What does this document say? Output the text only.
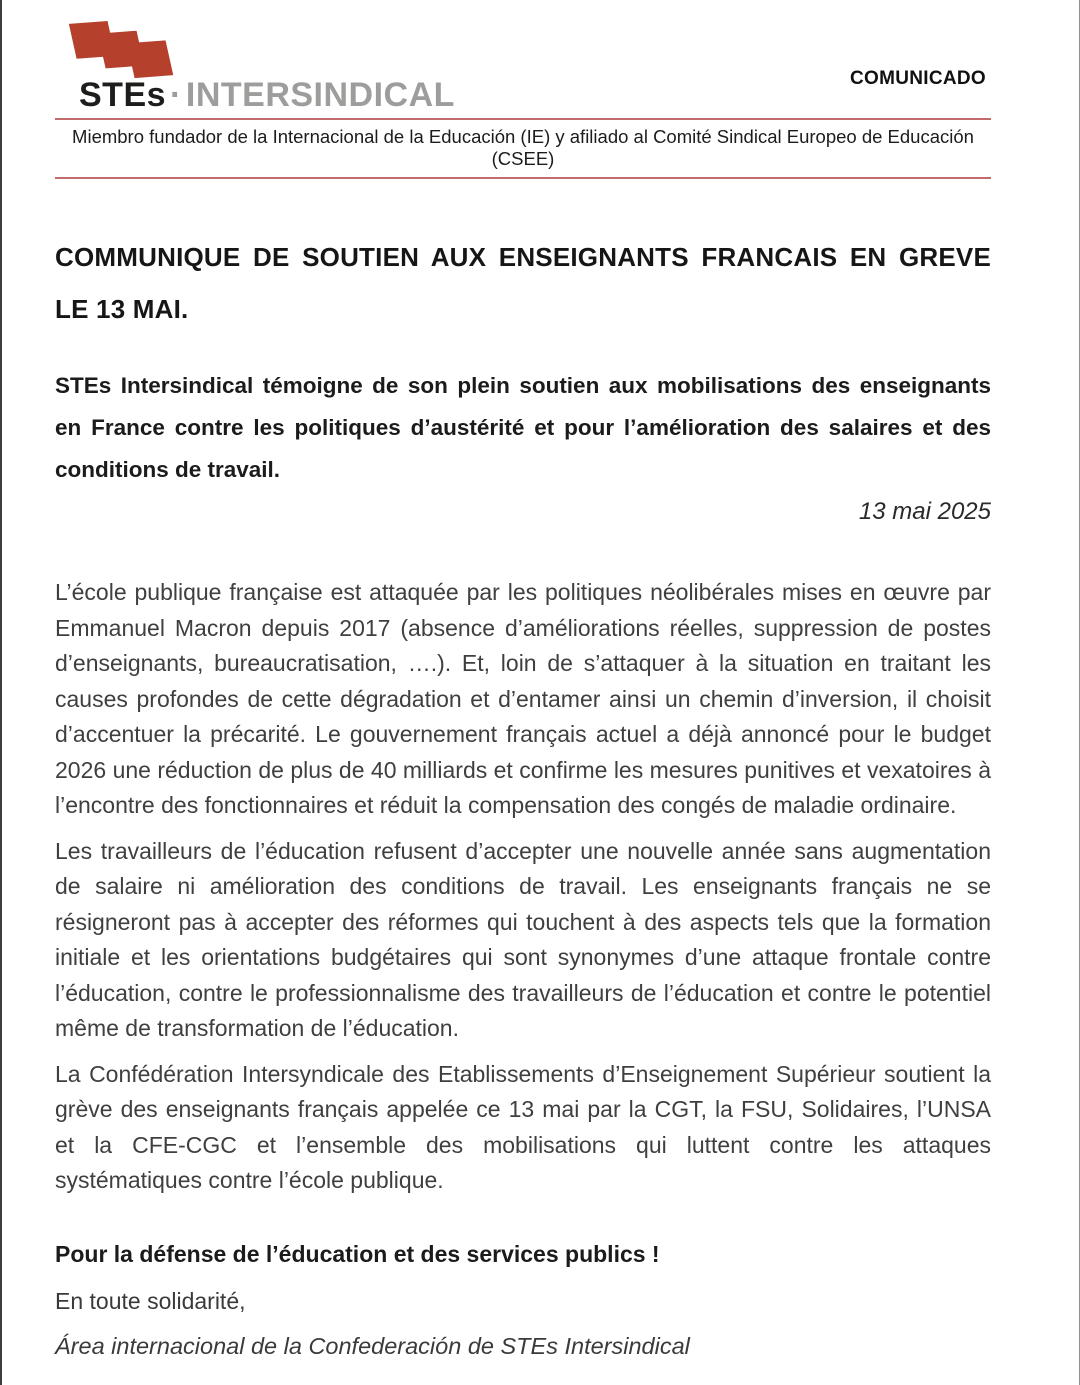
STEs · INTERSINDICAL	COMUNICADO
Miembro fundador de la Internacional de la Educación (IE) y afiliado al Comité Sindical Europeo de Educación (CSEE)
COMMUNIQUE DE SOUTIEN AUX ENSEIGNANTS FRANCAIS EN GREVE LE 13 MAI.

STEs Intersindical témoigne de son plein soutien aux mobilisations des enseignants en France contre les politiques d’austérité et pour l’amélioration des salaires et des conditions de travail.

13 mai 2025

L’école publique française est attaquée par les politiques néolibérales mises en œuvre par Emmanuel Macron depuis 2017 (absence d’améliorations réelles, suppression de postes d’enseignants, bureaucratisation, ….). Et, loin de s’attaquer à la situation en traitant les causes profondes de cette dégradation et d’entamer ainsi un chemin d’inversion, il choisit d’accentuer la précarité. Le gouvernement français actuel a déjà annoncé pour le budget 2026 une réduction de plus de 40 milliards et confirme les mesures punitives et vexatoires à l’encontre des fonctionnaires et réduit la compensation des congés de maladie ordinaire.

Les travailleurs de l’éducation refusent d’accepter une nouvelle année sans augmentation de salaire ni amélioration des conditions de travail. Les enseignants français ne se résigneront pas à accepter des réformes qui touchent à des aspects tels que la formation initiale et les orientations budgétaires qui sont synonymes d’une attaque frontale contre l’éducation, contre le professionnalisme des travailleurs de l’éducation et contre le potentiel même de transformation de l’éducation.

La Confédération Intersyndicale des Etablissements d’Enseignement Supérieur soutient la grève des enseignants français appelée ce 13 mai par la CGT, la FSU, Solidaires, l’UNSA et la CFE-CGC et l’ensemble des mobilisations qui luttent contre les attaques systématiques contre l’école publique.

Pour la défense de l’éducation et des services publics !

En toute solidarité,

Área internacional de la Confederación de STEs Intersindical
